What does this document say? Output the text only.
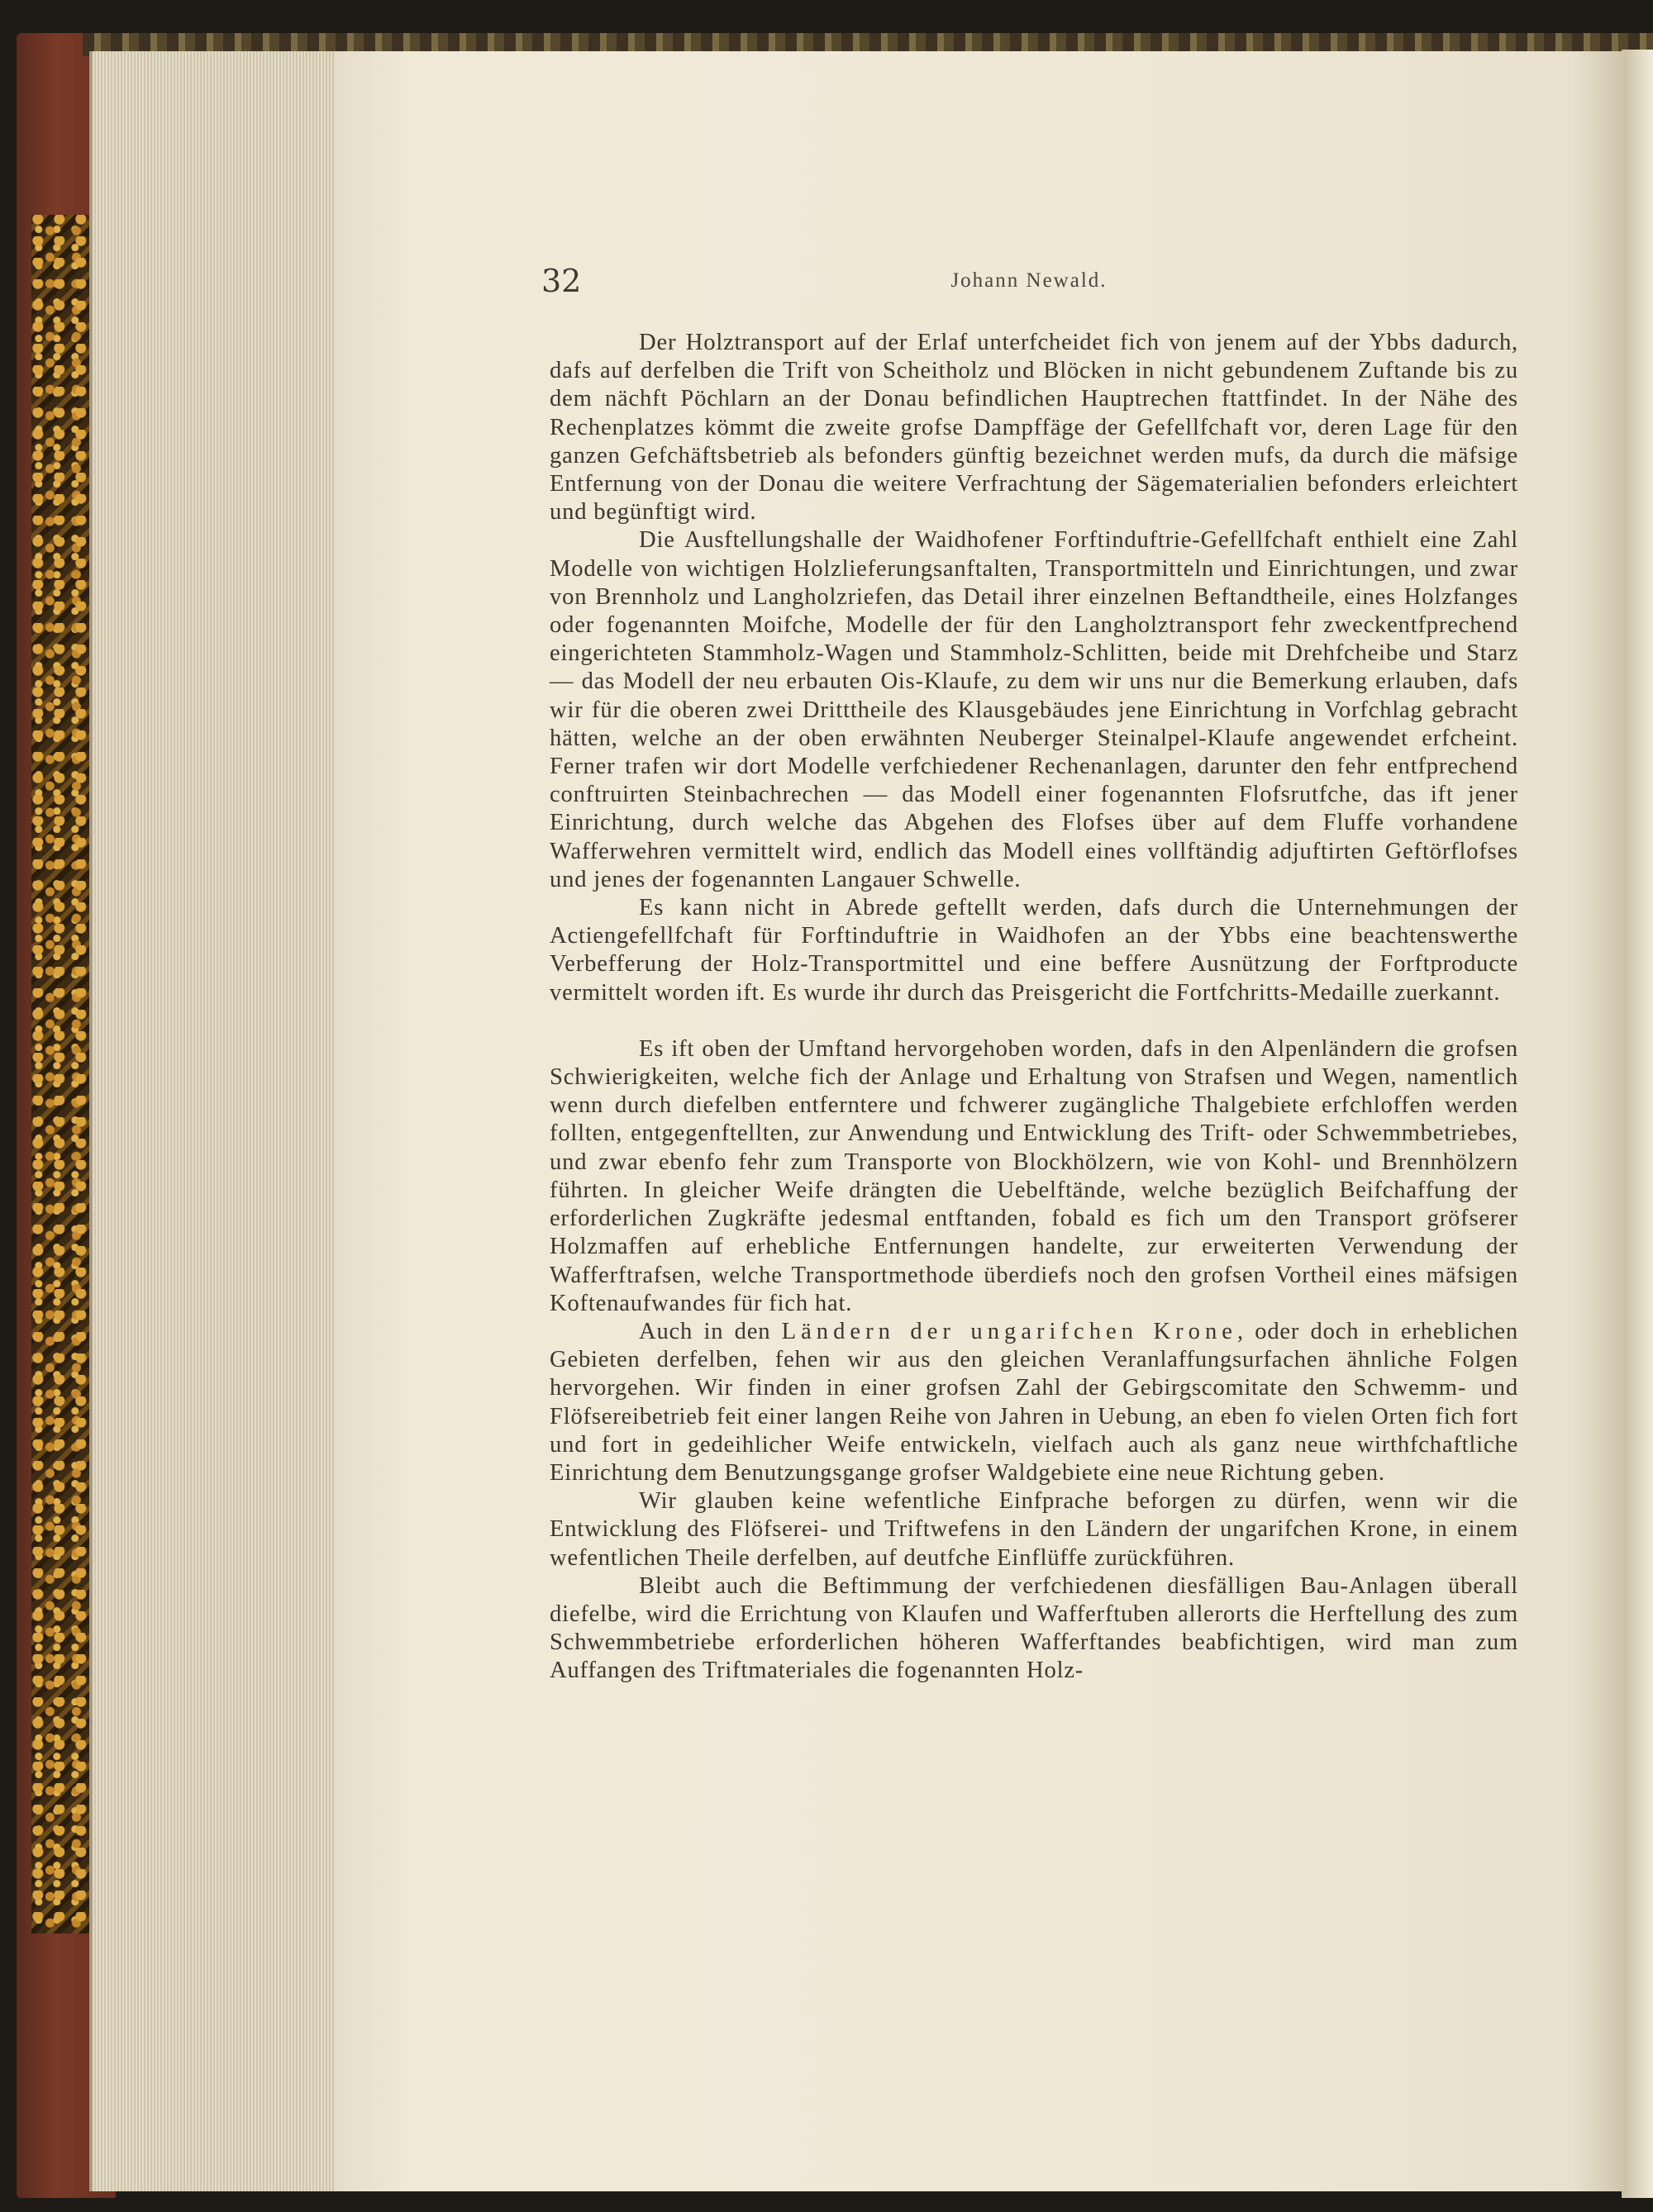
32	Johann Newald.

Der Holztransport auf der Erlaf unterfcheidet fich von jenem auf der Ybbs dadurch, dafs auf derfelben die Trift von Scheitholz und Blöcken in nicht gebundenem Zuftande bis zu dem nächft Pöchlarn an der Donau befindlichen Hauptrechen ftattfindet. In der Nähe des Rechenplatzes kömmt die zweite grofse Dampffäge der Gefellfchaft vor, deren Lage für den ganzen Gefchäftsbetrieb als befonders günftig bezeichnet werden mufs, da durch die mäfsige Entfernung von der Donau die weitere Verfrachtung der Sägematerialien befonders erleichtert und begünftigt wird.

Die Ausftellungshalle der Waidhofener Forftinduftrie-Gefellfchaft enthielt eine Zahl Modelle von wichtigen Holzlieferungsanftalten, Transportmitteln und Einrichtungen, und zwar von Brennholz und Langholzriefen, das Detail ihrer einzelnen Beftandtheile, eines Holzfanges oder fogenannten Moifche, Modelle der für den Langholztransport fehr zweckentfprechend eingerichteten Stammholz-Wagen und Stammholz-Schlitten, beide mit Drehfcheibe und Starz — das Modell der neu erbauten Ois-Klaufe, zu dem wir uns nur die Bemerkung erlauben, dafs wir für die oberen zwei Dritttheile des Klausgebäudes jene Einrichtung in Vorfchlag gebracht hätten, welche an der oben erwähnten Neuberger Steinalpel-Klaufe angewendet erfcheint. Ferner trafen wir dort Modelle verfchiedener Rechenanlagen, darunter den fehr entfprechend conftruirten Steinbachrechen — das Modell einer fogenannten Flofsrutfche, das ift jener Einrichtung, durch welche das Abgehen des Flofses über auf dem Fluffe vorhandene Wafferwehren vermittelt wird, endlich das Modell eines vollftändig adjuftirten Geftörflofses und jenes der fogenannten Langauer Schwelle.

Es kann nicht in Abrede geftellt werden, dafs durch die Unternehmungen der Actiengefellfchaft für Forftinduftrie in Waidhofen an der Ybbs eine beachtenswerthe Verbefferung der Holz-Transportmittel und eine beffere Ausnützung der Forftproducte vermittelt worden ift. Es wurde ihr durch das Preisgericht die Fortfchritts-Medaille zuerkannt.

Es ift oben der Umftand hervorgehoben worden, dafs in den Alpenländern die grofsen Schwierigkeiten, welche fich der Anlage und Erhaltung von Strafsen und Wegen, namentlich wenn durch diefelben entferntere und fchwerer zugängliche Thalgebiete erfchloffen werden follten, entgegenftellten, zur Anwendung und Entwicklung des Trift- oder Schwemmbetriebes, und zwar ebenfo fehr zum Transporte von Blockhölzern, wie von Kohl- und Brennhölzern führten. In gleicher Weife drängten die Uebelftände, welche bezüglich Beifchaffung der erforderlichen Zugkräfte jedesmal entftanden, fobald es fich um den Transport gröfserer Holzmaffen auf erhebliche Entfernungen handelte, zur erweiterten Verwendung der Wafferftrafsen, welche Transportmethode überdiefs noch den grofsen Vortheil eines mäfsigen Koftenaufwandes für fich hat.

Auch in den Ländern der ungarifchen Krone, oder doch in erheblichen Gebieten derfelben, fehen wir aus den gleichen Veranlaffungsurfachen ähnliche Folgen hervorgehen. Wir finden in einer grofsen Zahl der Gebirgscomitate den Schwemm- und Flöfsereibetrieb feit einer langen Reihe von Jahren in Uebung, an eben fo vielen Orten fich fort und fort in gedeihlicher Weife entwickeln, vielfach auch als ganz neue wirthfchaftliche Einrichtung dem Benutzungsgange grofser Waldgebiete eine neue Richtung geben.

Wir glauben keine wefentliche Einfprache beforgen zu dürfen, wenn wir die Entwicklung des Flöfserei- und Triftwefens in den Ländern der ungarifchen Krone, in einem wefentlichen Theile derfelben, auf deutfche Einflüffe zurückführen.

Bleibt auch die Beftimmung der verfchiedenen diesfälligen Bau-Anlagen überall diefelbe, wird die Errichtung von Klaufen und Wafferftuben allerorts die Herftellung des zum Schwemmbetriebe erforderlichen höheren Wafferftandes beabfichtigen, wird man zum Auffangen des Triftmateriales die fogenannten Holz-
